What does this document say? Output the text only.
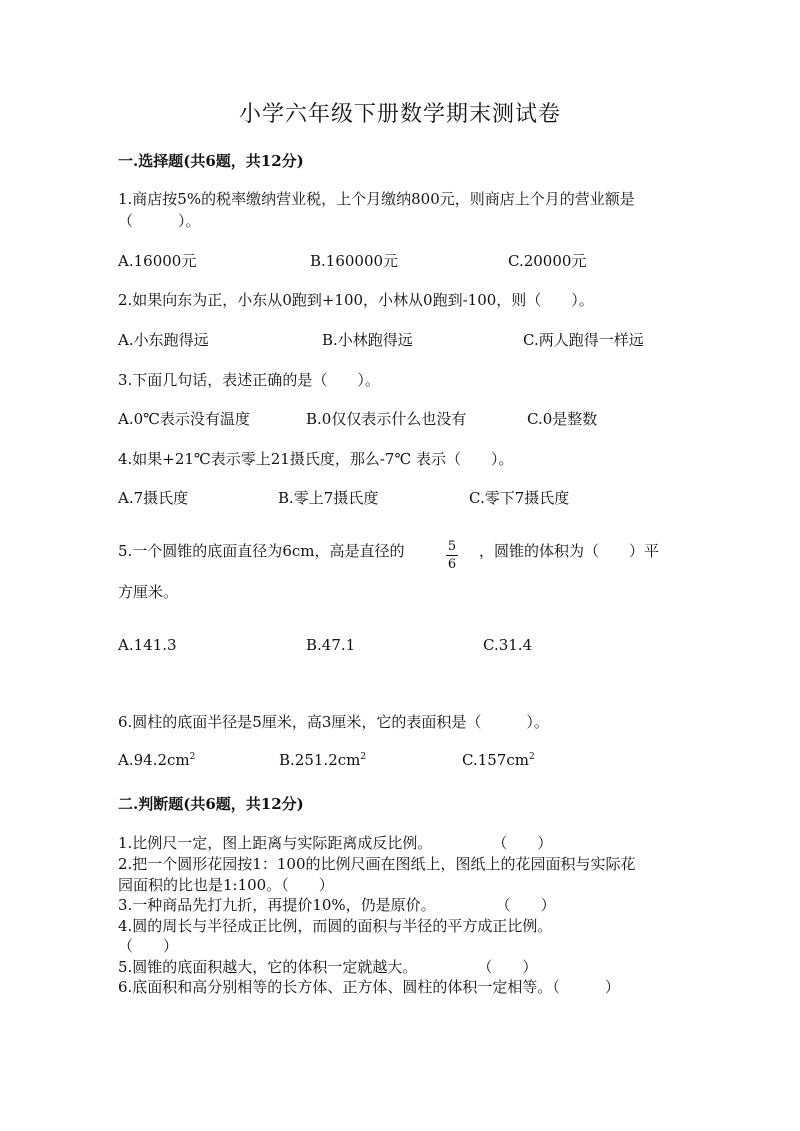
小学六年级下册数学期末测试卷
一.选择题(共6题，共12分)
1.商店按5%的税率缴纳营业税，上个月缴纳800元，则商店上个月的营业额是
（　　　）。
A.16000元	B.160000元	C.20000元
2.如果向东为正，小东从0跑到+100，小林从0跑到-100，则（　　）。
A.小东跑得远	B.小林跑得远	C.两人跑得一样远
3.下面几句话，表述正确的是（　　）。
A.0℃表示没有温度	B.0仅仅表示什么也没有	C.0是整数
4.如果+21℃表示零上21摄氏度，那么-7℃ 表示（　　）。
A.7摄氏度	B.零上7摄氏度	C.零下7摄氏度
5.一个圆锥的底面直径为6cm，高是直径的	$\frac{5}{6}$ ，圆锥的体积为（　　）平
方厘米。
A.141.3	B.47.1	C.31.4
6.圆柱的底面半径是5厘米，高3厘米，它的表面积是（　　　）。
$A.94.2cm^2$	$B.251.2cm^2$	$C.157cm^2$
二.判断题(共6题，共12分)
1.比例尺一定，图上距离与实际距离成反比例。　　　　　（　　）
2.把一个圆形花园按1：100的比例尺画在图纸上，图纸上的花园面积与实际花
园面积的比也是1:100。（　　）
3.一种商品先打九折，再提价10%，仍是原价。　　　　　（　　）
4.圆的周长与半径成正比例，而圆的面积与半径的平方成正比例。
（　　）
5.圆锥的底面积越大，它的体积一定就越大。　　　　　（　　）
6.底面积和高分别相等的长方体、正方体、圆柱的体积一定相等。（　　　）
